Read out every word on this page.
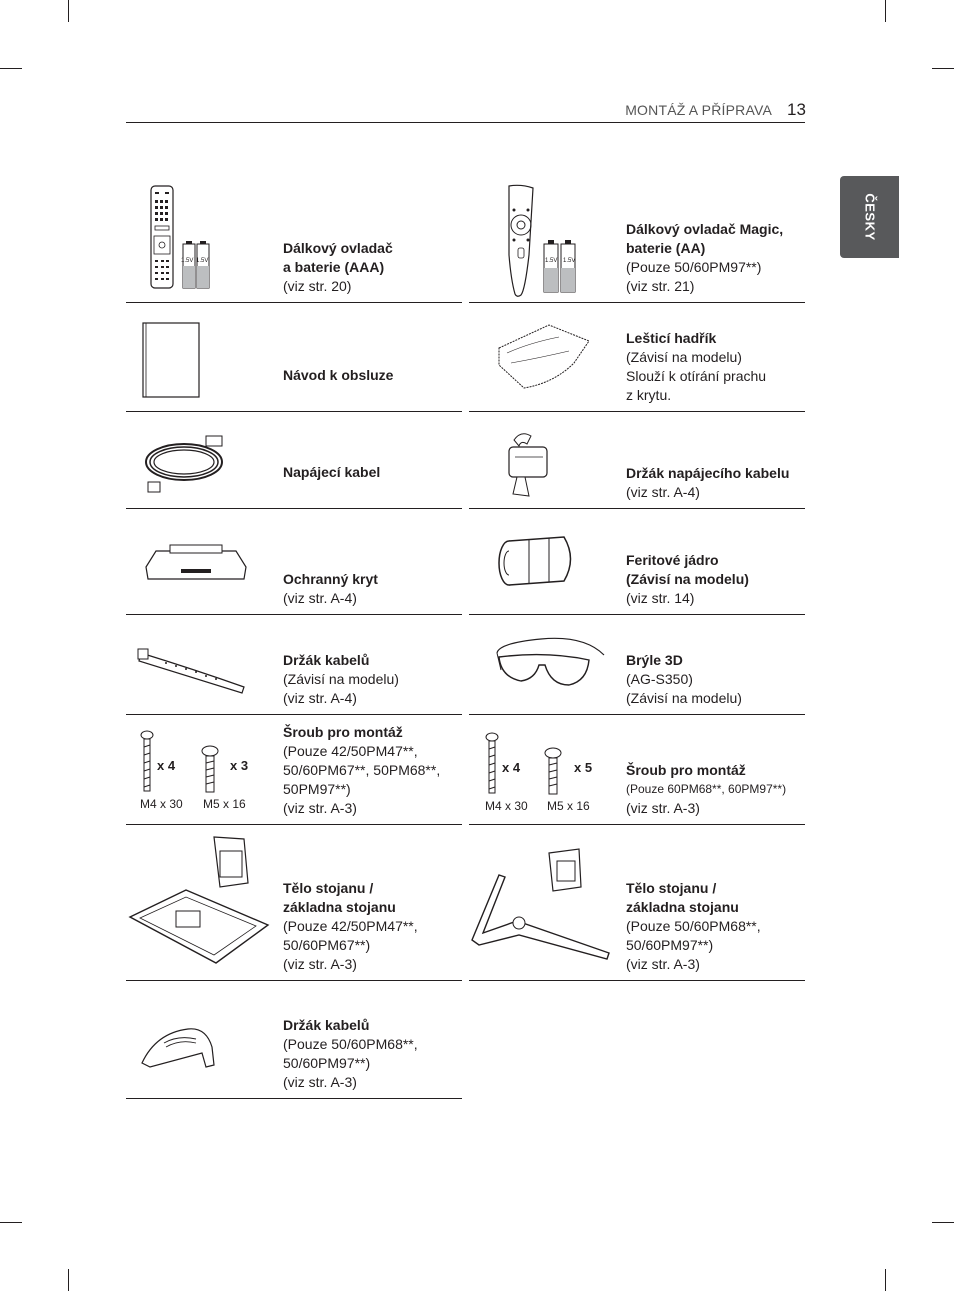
MONTÁŽ A PŘÍPRAVA 13
ČESKY
1.5V 1.5V
Dálkový ovladač
a baterie (AAA)
(viz str. 20)
1.5V 1.5V
Dálkový ovladač Magic,
baterie (AA)
(Pouze 50/60PM97**)
(viz str. 21)
Návod k obsluze
Lešticí hadřík
(Závisí na modelu)
Slouží k otírání prachu
z krytu.
Napájecí kabel	Držák napájecího kabelu
(viz str. A-4)
Ochranný kryt
(viz str. A-4)
Feritové jádro
(Závisí na modelu)
(viz str. 14)
Držák kabelů
(Závisí na modelu)
(viz str. A-4)
Brýle 3D
(AG-S350)
(Závisí na modelu)
x 4	x 3
M4 x 30 M5 x 16
Šroub pro montáž
(Pouze 42/50PM47**,
50/60PM67**, 50PM68**,
50PM97**)
(viz str. A-3)
x 4	x 5
M4 x 30 M5 x 16
Šroub pro montáž
(Pouze 60PM68**, 60PM97**)
(viz str. A-3)
Tělo stojanu /
základna stojanu
(Pouze 42/50PM47**,
50/60PM67**)
(viz str. A-3)
Tělo stojanu /
základna stojanu
(Pouze 50/60PM68**,
50/60PM97**)
(viz str. A-3)
Držák kabelů
(Pouze 50/60PM68**,
50/60PM97**)
(viz str. A-3)
